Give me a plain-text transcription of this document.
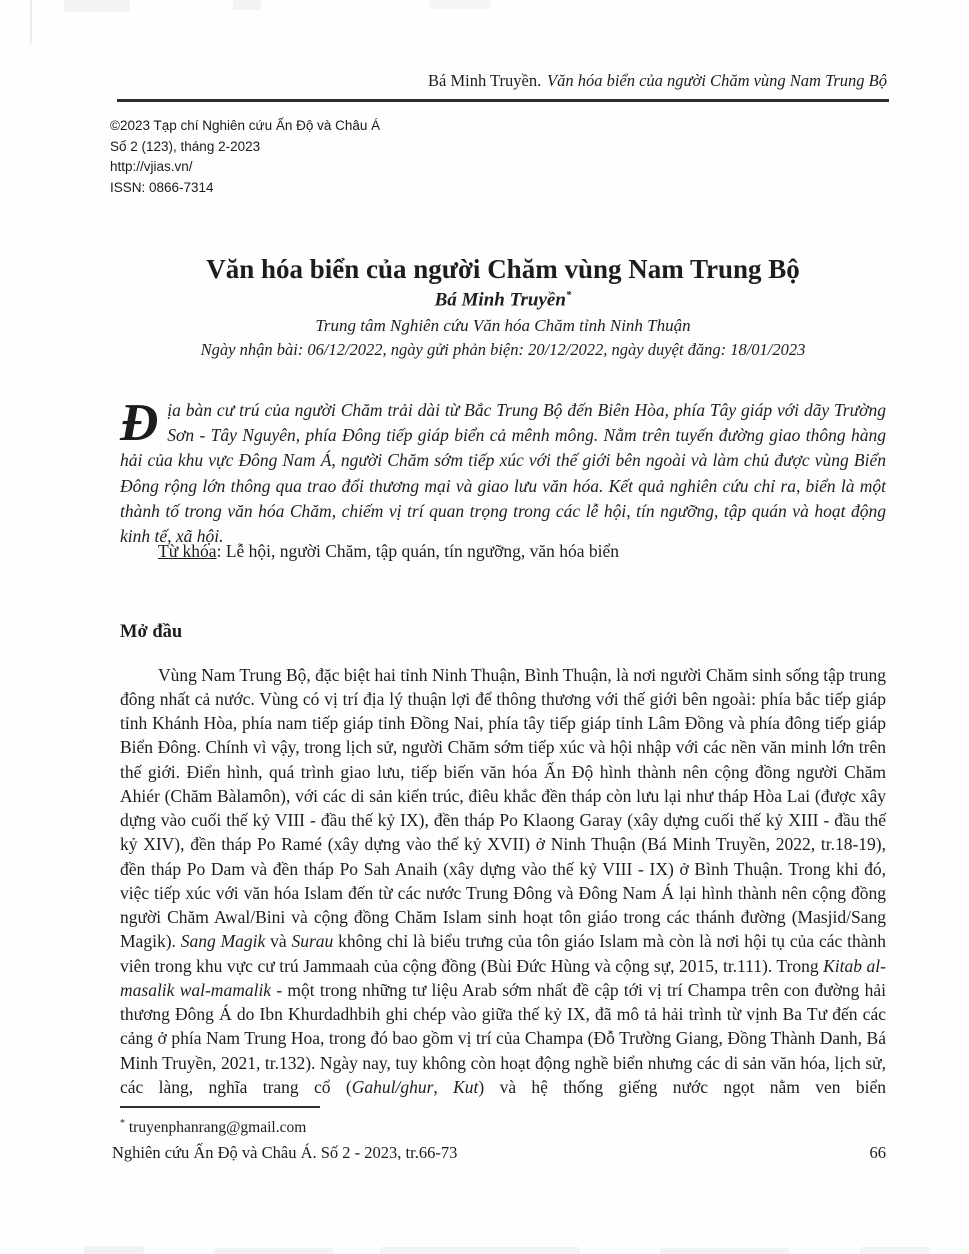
Bá Minh Truyền. Văn hóa biển của người Chăm vùng Nam Trung Bộ
©2023 Tạp chí Nghiên cứu Ấn Độ và Châu Á
Số 2 (123), tháng 2-2023
http://vjias.vn/
ISSN: 0866-7314
Văn hóa biển của người Chăm vùng Nam Trung Bộ
Bá Minh Truyền*
Trung tâm Nghiên cứu Văn hóa Chăm tỉnh Ninh Thuận
Ngày nhận bài: 06/12/2022, ngày gửi phản biện: 20/12/2022, ngày duyệt đăng: 18/01/2023
Địa bàn cư trú của người Chăm trải dài từ Bắc Trung Bộ đến Biên Hòa, phía Tây giáp với dãy Trường Sơn - Tây Nguyên, phía Đông tiếp giáp biển cả mênh mông. Nằm trên tuyến đường giao thông hàng hải của khu vực Đông Nam Á, người Chăm sớm tiếp xúc với thế giới bên ngoài và làm chủ được vùng Biển Đông rộng lớn thông qua trao đổi thương mại và giao lưu văn hóa. Kết quả nghiên cứu chỉ ra, biển là một thành tố trong văn hóa Chăm, chiếm vị trí quan trọng trong các lễ hội, tín ngưỡng, tập quán và hoạt động kinh tế, xã hội.
Từ khóa: Lễ hội, người Chăm, tập quán, tín ngưỡng, văn hóa biển
Mở đầu

Vùng Nam Trung Bộ, đặc biệt hai tỉnh Ninh Thuận, Bình Thuận, là nơi người Chăm sinh sống tập trung đông nhất cả nước. Vùng có vị trí địa lý thuận lợi để thông thương với thế giới bên ngoài: phía bắc tiếp giáp tỉnh Khánh Hòa, phía nam tiếp giáp tỉnh Đồng Nai, phía tây tiếp giáp tỉnh Lâm Đồng và phía đông tiếp giáp Biển Đông. Chính vì vậy, trong lịch sử, người Chăm sớm tiếp xúc và hội nhập với các nền văn minh lớn trên thế giới. Điển hình, quá trình giao lưu, tiếp biến văn hóa Ấn Độ hình thành nên cộng đồng người Chăm Ahiér (Chăm Bàlamôn), với các di sản kiến trúc, điêu khắc đền tháp còn lưu lại như tháp Hòa Lai (được xây dựng vào cuối thế kỷ VIII - đầu thế kỷ IX), đền tháp Po Klaong Garay (xây dựng cuối thế kỷ XIII - đầu thế kỷ XIV), đền tháp Po Ramé (xây dựng vào thế kỷ XVII) ở Ninh Thuận (Bá Minh Truyền, 2022, tr.18-19), đền tháp Po Dam và đền tháp Po Sah Anaih (xây dựng vào thế kỷ VIII - IX) ở Bình Thuận. Trong khi đó, việc tiếp xúc với văn hóa Islam đến từ các nước Trung Đông và Đông Nam Á lại hình thành nên cộng đồng người Chăm Awal/Bini và cộng đồng Chăm Islam sinh hoạt tôn giáo trong các thánh đường (Masjid/Sang Magik). Sang Magik và Surau không chỉ là biểu trưng của tôn giáo Islam mà còn là nơi hội tụ của các thành viên trong khu vực cư trú Jammaah của cộng đồng (Bùi Đức Hùng và cộng sự, 2015, tr.111). Trong Kitab al-masalik wal-mamalik - một trong những tư liệu Arab sớm nhất đề cập tới vị trí Champa trên con đường hải thương Đông Á do Ibn Khurdadhbih ghi chép vào giữa thế kỷ IX, đã mô tả hải trình từ vịnh Ba Tư đến các cảng ở phía Nam Trung Hoa, trong đó bao gồm vị trí của Champa (Đỗ Trường Giang, Đồng Thành Danh, Bá Minh Truyền, 2021, tr.132). Ngày nay, tuy không còn hoạt động nghề biển nhưng các di sản văn hóa, lịch sử, các làng, nghĩa trang cổ (Gahul/ghur, Kut) và hệ thống giếng nước ngọt nằm ven biển

* truyenphanrang@gmail.com
Nghiên cứu Ấn Độ và Châu Á. Số 2 - 2023, tr.66-73	66
